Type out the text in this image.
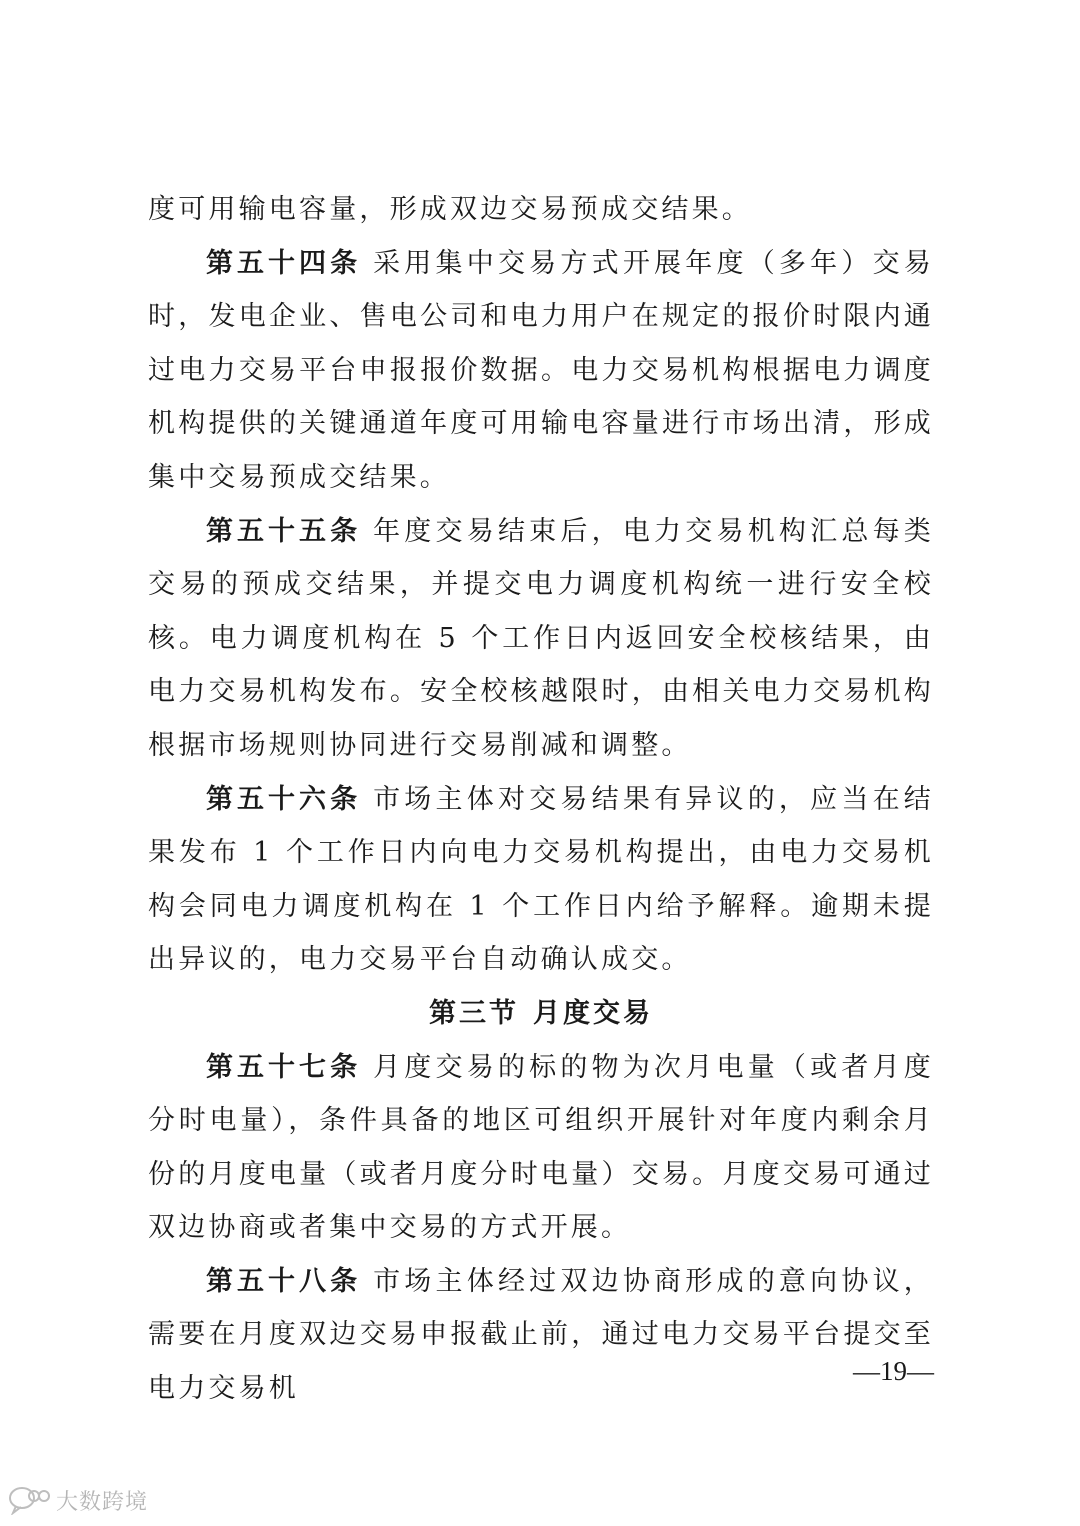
度可用输电容量，形成双边交易预成交结果。

第五十四条 采用集中交易方式开展年度（多年）交易时，发电企业、售电公司和电力用户在规定的报价时限内通过电力交易平台申报报价数据。电力交易机构根据电力调度机构提供的关键通道年度可用输电容量进行市场出清，形成集中交易预成交结果。

第五十五条 年度交易结束后，电力交易机构汇总每类交易的预成交结果，并提交电力调度机构统一进行安全校核。电力调度机构在 5 个工作日内返回安全校核结果，由电力交易机构发布。安全校核越限时，由相关电力交易机构根据市场规则协同进行交易削减和调整。

第五十六条 市场主体对交易结果有异议的，应当在结果发布 1 个工作日内向电力交易机构提出，由电力交易机构会同电力调度机构在 1 个工作日内给予解释。逾期未提出异议的，电力交易平台自动确认成交。

第三节 月度交易

第五十七条 月度交易的标的物为次月电量（或者月度分时电量），条件具备的地区可组织开展针对年度内剩余月份的月度电量（或者月度分时电量）交易。月度交易可通过双边协商或者集中交易的方式开展。

第五十八条 市场主体经过双边协商形成的意向协议，需要在月度双边交易申报截止前，通过电力交易平台提交至电力交易机

—19—
大数跨境
